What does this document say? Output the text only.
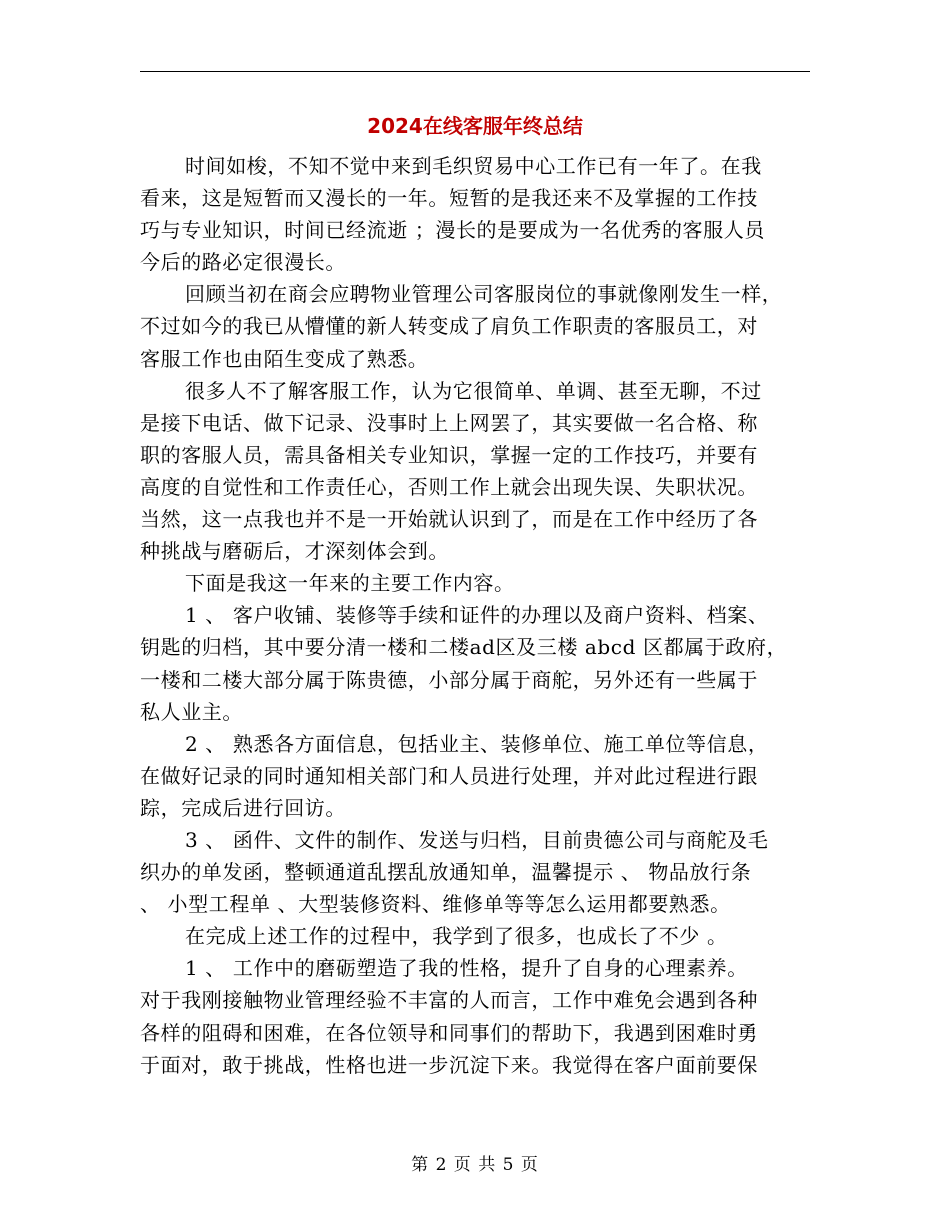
2024在线客服年终总结
时间如梭，不知不觉中来到毛织贸易中心工作已有一年了。在我
看来，这是短暂而又漫长的一年。短暂的是我还来不及掌握的工作技
巧与专业知识，时间已经流逝 ；漫长的是要成为一名优秀的客服人员
今后的路必定很漫长。
回顾当初在商会应聘物业管理公司客服岗位的事就像刚发生一样，
不过如今的我已从懵懂的新人转变成了肩负工作职责的客服员工，对
客服工作也由陌生变成了熟悉。
很多人不了解客服工作，认为它很简单、单调、甚至无聊，不过
是接下电话、做下记录、没事时上上网罢了，其实要做一名合格、称
职的客服人员，需具备相关专业知识，掌握一定的工作技巧，并要有
高度的自觉性和工作责任心，否则工作上就会出现失误、失职状况。
当然，这一点我也并不是一开始就认识到了，而是在工作中经历了各
种挑战与磨砺后，才深刻体会到。
下面是我这一年来的主要工作内容。
1 、 客户收铺、装修等手续和证件的办理以及商户资料、档案、
钥匙的归档，其中要分清一楼和二楼ad区及三楼 abcd 区都属于政府，
一楼和二楼大部分属于陈贵德，小部分属于商舵，另外还有一些属于
私人业主。
2 、 熟悉各方面信息，包括业主、装修单位、施工单位等信息，
在做好记录的同时通知相关部门和人员进行处理，并对此过程进行跟
踪，完成后进行回访。
3 、 函件、文件的制作、发送与归档，目前贵德公司与商舵及毛
织办的单发函，整顿通道乱摆乱放通知单，温馨提示 、 物品放行条
、 小型工程单 、大型装修资料、维修单等等怎么运用都要熟悉。
在完成上述工作的过程中，我学到了很多，也成长了不少 。
1 、 工作中的磨砺塑造了我的性格，提升了自身的心理素养。
对于我刚接触物业管理经验不丰富的人而言，工作中难免会遇到各种
各样的阻碍和困难，在各位领导和同事们的帮助下，我遇到困难时勇
于面对，敢于挑战，性格也进一步沉淀下来。我觉得在客户面前要保
第 2 页 共 5 页
